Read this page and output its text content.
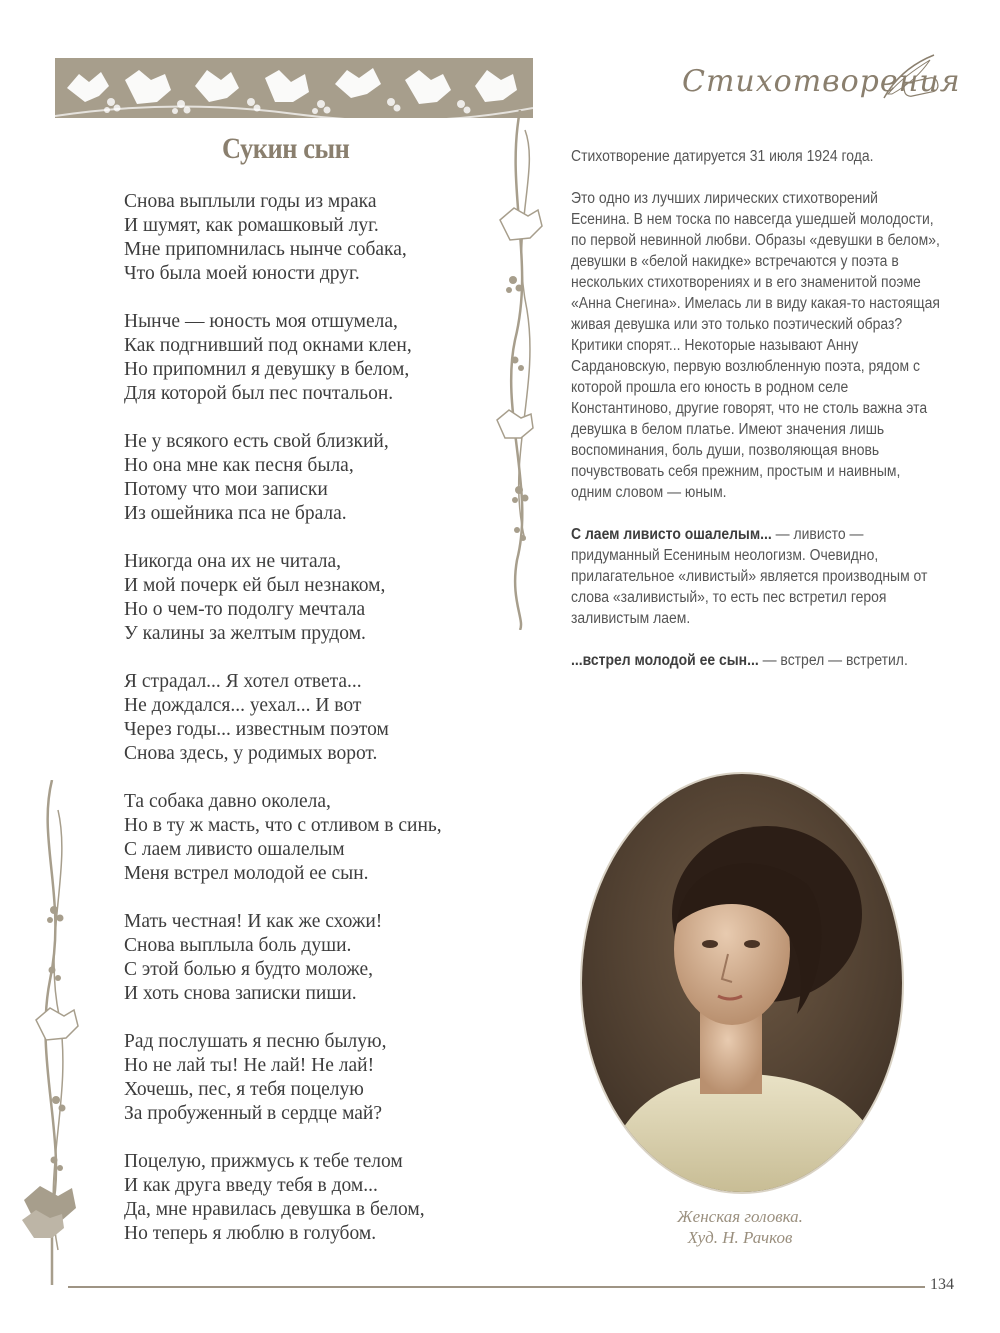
Стихотворения
Сукин сын
Снова выплыли годы из мрака
И шумят, как ромашковый луг.
Мне припомнилась нынче собака,
Что была моей юности друг.
Нынче — юность моя отшумела,
Как подгнивший под окнами клен,
Но припомнил я девушку в белом,
Для которой был пес почтальон.
Не у всякого есть свой близкий,
Но она мне как песня была,
Потому что мои записки
Из ошейника пса не брала.
Никогда она их не читала,
И мой почерк ей был незнаком,
Но о чем-то подолгу мечтала
У калины за желтым прудом.
Я страдал... Я хотел ответа...
Не дождался... уехал... И вот
Через годы... известным поэтом
Снова здесь, у родимых ворот.
Та собака давно околела,
Но в ту ж масть, что с отливом в синь,
С лаем ливисто ошалелым
Меня встрел молодой ее сын.
Мать честная! И как же схожи!
Снова выплыла боль души.
С этой болью я будто моложе,
И хоть снова записки пиши.
Рад послушать я песню былую,
Но не лай ты! Не лай! Не лай!
Хочешь, пес, я тебя поцелую
За пробуженный в сердце май?
Поцелую, прижмусь к тебе телом
И как друга введу тебя в дом...
Да, мне нравилась девушка в белом,
Но теперь я люблю в голубом.

Стихотворение датируется 31 июля 1924 года.

Это одно из лучших лирических стихотворений Есенина. В нем тоска по навсегда ушедшей молодости, по первой невинной любви. Образы «девушки в белом», девушки в «белой накидке» встречаются у поэта в нескольких стихотворениях и в его знаменитой поэме «Анна Снегина». Имелась ли в виду какая-то настоящая живая девушка или это только поэтический образ? Критики спорят... Некоторые называют Анну Сардановскую, первую возлюбленную поэта, рядом с которой прошла его юность в родном селе Константиново, другие говорят, что не столь важна эта девушка в белом платье. Имеют значения лишь воспоминания, боль души, позволяющая вновь почувствовать себя прежним, простым и наивным, одним словом — юным.

С лаем ливисто ошалелым... — ливисто — придуманный Есениным неологизм. Очевидно, прилагательное «ливистый» является производным от слова «заливистый», то есть пес встретил героя заливистым лаем.

...встрел молодой ее сын... — встрел — встретил.

Женская головка.
Худ. Н. Рачков
134
